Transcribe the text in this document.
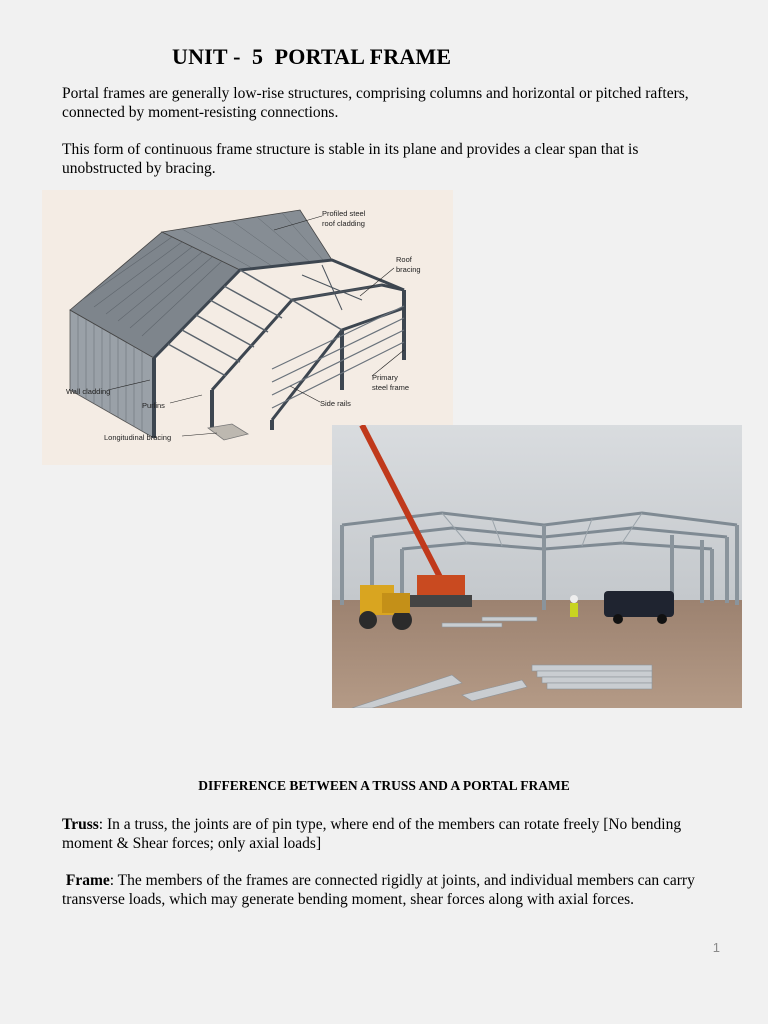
UNIT -  5  PORTAL FRAME
Portal frames are generally low-rise structures, comprising columns and horizontal or pitched rafters, connected by moment-resisting connections.
This form of continuous frame structure is stable in its plane and provides a clear span that is unobstructed by bracing.
Profiled steel
roof cladding
Roof
bracing
Primary
steel frame
Wall cladding
Purlins	Side rails
Longitudinal bracing
DIFFERENCE BETWEEN A TRUSS AND A PORTAL FRAME
Truss: In a truss, the joints are of pin type, where end of the members can rotate freely [No bending moment & Shear forces; only axial loads]
Frame: The members of the frames are connected rigidly at joints, and individual members can carry transverse loads, which may generate bending moment, shear forces along with axial forces.
1
